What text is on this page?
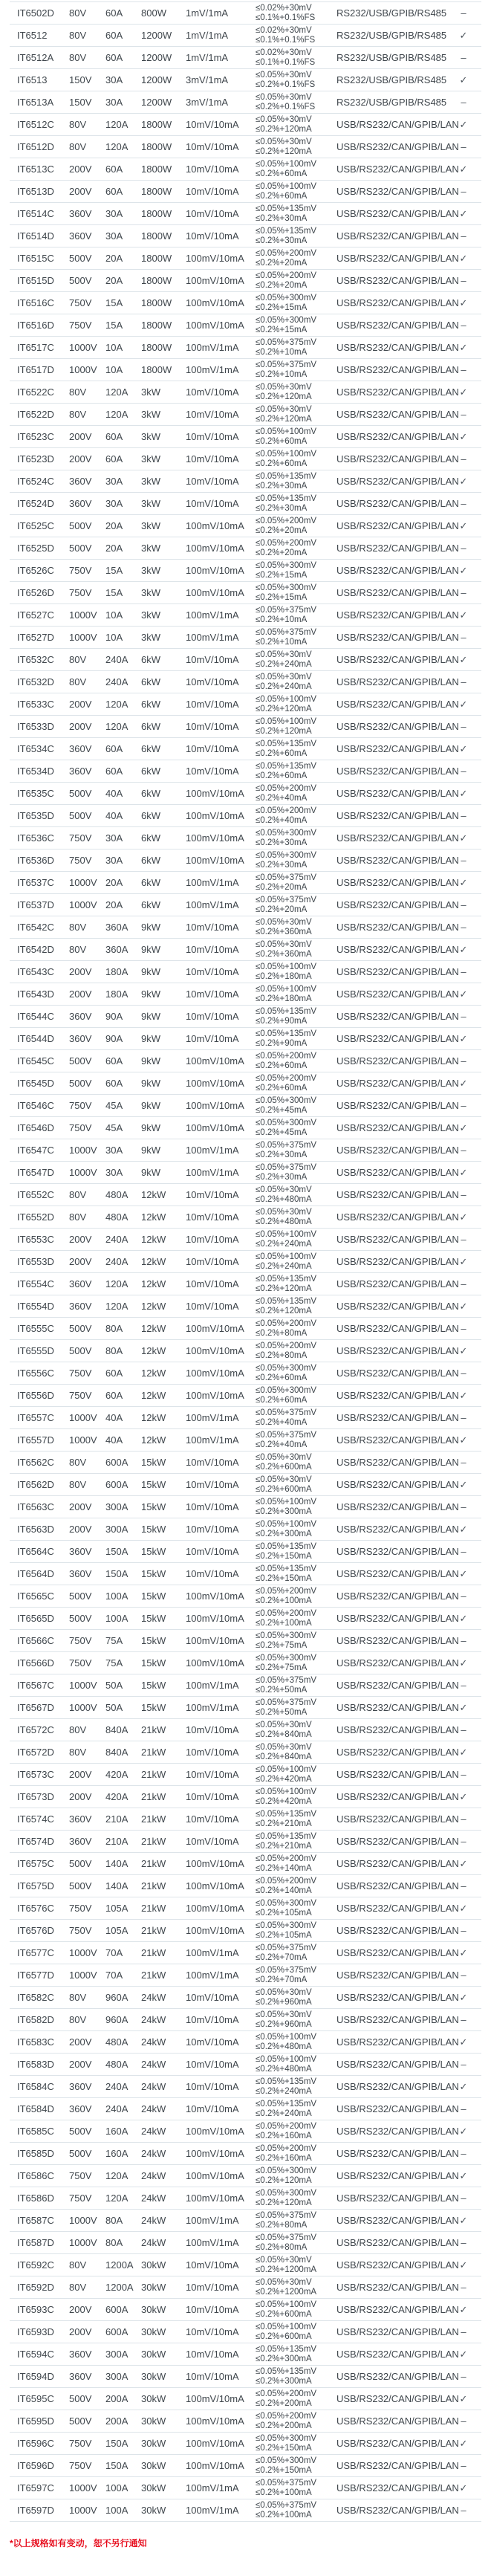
IT6502D	80V	60A	800W	1mV/1mA	≤0.02%+30mV
≤0.1%+0.1%FS	RS232/USB/GPIB/RS485	–
IT6512	80V	60A	1200W	1mV/1mA	≤0.02%+30mV
≤0.1%+0.1%FS	RS232/USB/GPIB/RS485	✓
IT6512A	80V	60A	1200W	1mV/1mA	≤0.02%+30mV
≤0.1%+0.1%FS	RS232/USB/GPIB/RS485	–
IT6513	150V	30A	1200W	3mV/1mA	≤0.05%+30mV
≤0.2%+0.1%FS	RS232/USB/GPIB/RS485	✓
IT6513A	150V	30A	1200W	3mV/1mA	≤0.05%+30mV
≤0.2%+0.1%FS	RS232/USB/GPIB/RS485	–
IT6512C	80V	120A	1800W	10mV/10mA	≤0.05%+30mV
≤0.2%+120mA	USB/RS232/CAN/GPIB/LAN ✓
IT6512D	80V	120A	1800W	10mV/10mA	≤0.05%+30mV
≤0.2%+120mA	USB/RS232/CAN/GPIB/LAN –
IT6513C	200V	60A	1800W	10mV/10mA	≤0.05%+100mV
≤0.2%+60mA	USB/RS232/CAN/GPIB/LAN ✓
IT6513D	200V	60A	1800W	10mV/10mA	≤0.05%+100mV
≤0.2%+60mA	USB/RS232/CAN/GPIB/LAN –
IT6514C	360V	30A	1800W	10mV/10mA	≤0.05%+135mV
≤0.2%+30mA	USB/RS232/CAN/GPIB/LAN ✓
IT6514D	360V	30A	1800W	10mV/10mA	≤0.05%+135mV
≤0.2%+30mA	USB/RS232/CAN/GPIB/LAN –
IT6515C	500V	20A	1800W	100mV/10mA	≤0.05%+200mV
≤0.2%+20mA	USB/RS232/CAN/GPIB/LAN ✓
IT6515D	500V	20A	1800W	100mV/10mA	≤0.05%+200mV
≤0.2%+20mA	USB/RS232/CAN/GPIB/LAN –
IT6516C	750V	15A	1800W	100mV/10mA	≤0.05%+300mV
≤0.2%+15mA	USB/RS232/CAN/GPIB/LAN ✓
IT6516D	750V	15A	1800W	100mV/10mA	≤0.05%+300mV
≤0.2%+15mA	USB/RS232/CAN/GPIB/LAN –
IT6517C	1000V 10A	1800W	100mV/1mA	≤0.05%+375mV
≤0.2%+10mA	USB/RS232/CAN/GPIB/LAN ✓
IT6517D	1000V 10A	1800W	100mV/1mA	≤0.05%+375mV
≤0.2%+10mA	USB/RS232/CAN/GPIB/LAN –
IT6522C	80V	120A	3kW	10mV/10mA	≤0.05%+30mV
≤0.2%+120mA	USB/RS232/CAN/GPIB/LAN ✓
IT6522D	80V	120A	3kW	10mV/10mA	≤0.05%+30mV
≤0.2%+120mA	USB/RS232/CAN/GPIB/LAN –
IT6523C	200V	60A	3kW	10mV/10mA	≤0.05%+100mV
≤0.2%+60mA	USB/RS232/CAN/GPIB/LAN ✓
IT6523D	200V	60A	3kW	10mV/10mA	≤0.05%+100mV
≤0.2%+60mA	USB/RS232/CAN/GPIB/LAN –
IT6524C	360V	30A	3kW	10mV/10mA	≤0.05%+135mV
≤0.2%+30mA	USB/RS232/CAN/GPIB/LAN ✓
IT6524D	360V	30A	3kW	10mV/10mA	≤0.05%+135mV
≤0.2%+30mA	USB/RS232/CAN/GPIB/LAN –
IT6525C	500V	20A	3kW	100mV/10mA	≤0.05%+200mV
≤0.2%+20mA	USB/RS232/CAN/GPIB/LAN ✓
IT6525D	500V	20A	3kW	100mV/10mA	≤0.05%+200mV
≤0.2%+20mA	USB/RS232/CAN/GPIB/LAN –
IT6526C	750V	15A	3kW	100mV/10mA	≤0.05%+300mV
≤0.2%+15mA	USB/RS232/CAN/GPIB/LAN ✓
IT6526D	750V	15A	3kW	100mV/10mA	≤0.05%+300mV
≤0.2%+15mA	USB/RS232/CAN/GPIB/LAN –
IT6527C	1000V 10A	3kW	100mV/1mA	≤0.05%+375mV
≤0.2%+10mA	USB/RS232/CAN/GPIB/LAN ✓
IT6527D	1000V 10A	3kW	100mV/1mA	≤0.05%+375mV
≤0.2%+10mA	USB/RS232/CAN/GPIB/LAN –
IT6532C	80V	240A	6kW	10mV/10mA	≤0.05%+30mV
≤0.2%+240mA	USB/RS232/CAN/GPIB/LAN ✓
IT6532D	80V	240A	6kW	10mV/10mA	≤0.05%+30mV
≤0.2%+240mA	USB/RS232/CAN/GPIB/LAN –
IT6533C	200V	120A	6kW	10mV/10mA	≤0.05%+100mV
≤0.2%+120mA	USB/RS232/CAN/GPIB/LAN ✓
IT6533D	200V	120A	6kW	10mV/10mA	≤0.05%+100mV
≤0.2%+120mA	USB/RS232/CAN/GPIB/LAN –
IT6534C	360V	60A	6kW	10mV/10mA	≤0.05%+135mV
≤0.2%+60mA	USB/RS232/CAN/GPIB/LAN ✓
IT6534D	360V	60A	6kW	10mV/10mA	≤0.05%+135mV
≤0.2%+60mA	USB/RS232/CAN/GPIB/LAN –
IT6535C	500V	40A	6kW	100mV/10mA	≤0.05%+200mV
≤0.2%+40mA	USB/RS232/CAN/GPIB/LAN ✓
IT6535D	500V	40A	6kW	100mV/10mA	≤0.05%+200mV
≤0.2%+40mA	USB/RS232/CAN/GPIB/LAN –
IT6536C	750V	30A	6kW	100mV/10mA	≤0.05%+300mV
≤0.2%+30mA	USB/RS232/CAN/GPIB/LAN ✓
IT6536D	750V	30A	6kW	100mV/10mA	≤0.05%+300mV
≤0.2%+30mA	USB/RS232/CAN/GPIB/LAN –
IT6537C	1000V 20A	6kW	100mV/1mA	≤0.05%+375mV
≤0.2%+20mA	USB/RS232/CAN/GPIB/LAN ✓
IT6537D	1000V 20A	6kW	100mV/1mA	≤0.05%+375mV
≤0.2%+20mA	USB/RS232/CAN/GPIB/LAN –
IT6542C	80V	360A	9kW	10mV/10mA	≤0.05%+30mV
≤0.2%+360mA	USB/RS232/CAN/GPIB/LAN –
IT6542D	80V	360A	9kW	10mV/10mA	≤0.05%+30mV
≤0.2%+360mA	USB/RS232/CAN/GPIB/LAN ✓
IT6543C	200V	180A	9kW	10mV/10mA	≤0.05%+100mV
≤0.2%+180mA	USB/RS232/CAN/GPIB/LAN –
IT6543D	200V	180A	9kW	10mV/10mA	≤0.05%+100mV
≤0.2%+180mA	USB/RS232/CAN/GPIB/LAN ✓
IT6544C	360V	90A	9kW	10mV/10mA	≤0.05%+135mV
≤0.2%+90mA	USB/RS232/CAN/GPIB/LAN –
IT6544D	360V	90A	9kW	10mV/10mA	≤0.05%+135mV
≤0.2%+90mA	USB/RS232/CAN/GPIB/LAN ✓
IT6545C	500V	60A	9kW	100mV/10mA	≤0.05%+200mV
≤0.2%+60mA	USB/RS232/CAN/GPIB/LAN –
IT6545D	500V	60A	9kW	100mV/10mA	≤0.05%+200mV
≤0.2%+60mA	USB/RS232/CAN/GPIB/LAN ✓
IT6546C	750V	45A	9kW	100mV/10mA	≤0.05%+300mV
≤0.2%+45mA	USB/RS232/CAN/GPIB/LAN –
IT6546D	750V	45A	9kW	100mV/10mA	≤0.05%+300mV
≤0.2%+45mA	USB/RS232/CAN/GPIB/LAN ✓
IT6547C	1000V 30A	9kW	100mV/1mA	≤0.05%+375mV
≤0.2%+30mA	USB/RS232/CAN/GPIB/LAN –
IT6547D	1000V 30A	9kW	100mV/1mA	≤0.05%+375mV
≤0.2%+30mA	USB/RS232/CAN/GPIB/LAN ✓
IT6552C	80V	480A	12kW	10mV/10mA	≤0.05%+30mV
≤0.2%+480mA	USB/RS232/CAN/GPIB/LAN –
IT6552D	80V	480A	12kW	10mV/10mA	≤0.05%+30mV
≤0.2%+480mA	USB/RS232/CAN/GPIB/LAN ✓
IT6553C	200V	240A	12kW	10mV/10mA	≤0.05%+100mV
≤0.2%+240mA	USB/RS232/CAN/GPIB/LAN –
IT6553D	200V	240A	12kW	10mV/10mA	≤0.05%+100mV
≤0.2%+240mA	USB/RS232/CAN/GPIB/LAN ✓
IT6554C	360V	120A	12kW	10mV/10mA	≤0.05%+135mV
≤0.2%+120mA	USB/RS232/CAN/GPIB/LAN –
IT6554D	360V	120A	12kW	10mV/10mA	≤0.05%+135mV
≤0.2%+120mA	USB/RS232/CAN/GPIB/LAN ✓
IT6555C	500V	80A	12kW	100mV/10mA	≤0.05%+200mV
≤0.2%+80mA	USB/RS232/CAN/GPIB/LAN –
IT6555D	500V	80A	12kW	100mV/10mA	≤0.05%+200mV
≤0.2%+80mA	USB/RS232/CAN/GPIB/LAN ✓
IT6556C	750V	60A	12kW	100mV/10mA	≤0.05%+300mV
≤0.2%+60mA	USB/RS232/CAN/GPIB/LAN –
IT6556D	750V	60A	12kW	100mV/10mA	≤0.05%+300mV
≤0.2%+60mA	USB/RS232/CAN/GPIB/LAN ✓
IT6557C	1000V 40A	12kW	100mV/1mA	≤0.05%+375mV
≤0.2%+40mA	USB/RS232/CAN/GPIB/LAN –
IT6557D	1000V 40A	12kW	100mV/1mA	≤0.05%+375mV
≤0.2%+40mA	USB/RS232/CAN/GPIB/LAN ✓
IT6562C	80V	600A	15kW	10mV/10mA	≤0.05%+30mV
≤0.2%+600mA	USB/RS232/CAN/GPIB/LAN –
IT6562D	80V	600A	15kW	10mV/10mA	≤0.05%+30mV
≤0.2%+600mA	USB/RS232/CAN/GPIB/LAN ✓
IT6563C	200V	300A	15kW	10mV/10mA	≤0.05%+100mV
≤0.2%+300mA	USB/RS232/CAN/GPIB/LAN –
IT6563D	200V	300A	15kW	10mV/10mA	≤0.05%+100mV
≤0.2%+300mA	USB/RS232/CAN/GPIB/LAN ✓
IT6564C	360V	150A	15kW	10mV/10mA	≤0.05%+135mV
≤0.2%+150mA	USB/RS232/CAN/GPIB/LAN –
IT6564D	360V	150A	15kW	10mV/10mA	≤0.05%+135mV
≤0.2%+150mA	USB/RS232/CAN/GPIB/LAN ✓
IT6565C	500V	100A	15kW	100mV/10mA	≤0.05%+200mV
≤0.2%+100mA	USB/RS232/CAN/GPIB/LAN –
IT6565D	500V	100A	15kW	100mV/10mA	≤0.05%+200mV
≤0.2%+100mA	USB/RS232/CAN/GPIB/LAN ✓
IT6566C	750V	75A	15kW	100mV/10mA	≤0.05%+300mV
≤0.2%+75mA	USB/RS232/CAN/GPIB/LAN –
IT6566D	750V	75A	15kW	100mV/10mA	≤0.05%+300mV
≤0.2%+75mA	USB/RS232/CAN/GPIB/LAN ✓
IT6567C	1000V 50A	15kW	100mV/1mA	≤0.05%+375mV
≤0.2%+50mA	USB/RS232/CAN/GPIB/LAN –
IT6567D	1000V 50A	15kW	100mV/1mA	≤0.05%+375mV
≤0.2%+50mA	USB/RS232/CAN/GPIB/LAN ✓
IT6572C	80V	840A	21kW	10mV/10mA	≤0.05%+30mV
≤0.2%+840mA	USB/RS232/CAN/GPIB/LAN –
IT6572D	80V	840A	21kW	10mV/10mA	≤0.05%+30mV
≤0.2%+840mA	USB/RS232/CAN/GPIB/LAN ✓
IT6573C	200V	420A	21kW	10mV/10mA	≤0.05%+100mV
≤0.2%+420mA	USB/RS232/CAN/GPIB/LAN –
IT6573D	200V	420A	21kW	10mV/10mA	≤0.05%+100mV
≤0.2%+420mA	USB/RS232/CAN/GPIB/LAN ✓
IT6574C	360V	210A	21kW	10mV/10mA	≤0.05%+135mV
≤0.2%+210mA	USB/RS232/CAN/GPIB/LAN –
IT6574D	360V	210A	21kW	10mV/10mA	≤0.05%+135mV
≤0.2%+210mA	USB/RS232/CAN/GPIB/LAN –
IT6575C	500V	140A	21kW	100mV/10mA	≤0.05%+200mV
≤0.2%+140mA	USB/RS232/CAN/GPIB/LAN ✓
IT6575D	500V	140A	21kW	100mV/10mA	≤0.05%+200mV
≤0.2%+140mA	USB/RS232/CAN/GPIB/LAN –
IT6576C	750V	105A	21kW	100mV/10mA	≤0.05%+300mV
≤0.2%+105mA	USB/RS232/CAN/GPIB/LAN ✓
IT6576D	750V	105A	21kW	100mV/10mA	≤0.05%+300mV
≤0.2%+105mA	USB/RS232/CAN/GPIB/LAN –
IT6577C	1000V 70A	21kW	100mV/1mA	≤0.05%+375mV
≤0.2%+70mA	USB/RS232/CAN/GPIB/LAN ✓
IT6577D	1000V 70A	21kW	100mV/1mA	≤0.05%+375mV
≤0.2%+70mA	USB/RS232/CAN/GPIB/LAN –
IT6582C	80V	960A	24kW	10mV/10mA	≤0.05%+30mV
≤0.2%+960mA	USB/RS232/CAN/GPIB/LAN ✓
IT6582D	80V	960A	24kW	10mV/10mA	≤0.05%+30mV
≤0.2%+960mA	USB/RS232/CAN/GPIB/LAN –
IT6583C	200V	480A	24kW	10mV/10mA	≤0.05%+100mV
≤0.2%+480mA	USB/RS232/CAN/GPIB/LAN ✓
IT6583D	200V	480A	24kW	10mV/10mA	≤0.05%+100mV
≤0.2%+480mA	USB/RS232/CAN/GPIB/LAN –
IT6584C	360V	240A	24kW	10mV/10mA	≤0.05%+135mV
≤0.2%+240mA	USB/RS232/CAN/GPIB/LAN ✓
IT6584D	360V	240A	24kW	10mV/10mA	≤0.05%+135mV
≤0.2%+240mA	USB/RS232/CAN/GPIB/LAN –
IT6585C	500V	160A	24kW	100mV/10mA	≤0.05%+200mV
≤0.2%+160mA	USB/RS232/CAN/GPIB/LAN ✓
IT6585D	500V	160A	24kW	100mV/10mA	≤0.05%+200mV
≤0.2%+160mA	USB/RS232/CAN/GPIB/LAN –
IT6586C	750V	120A	24kW	100mV/10mA	≤0.05%+300mV
≤0.2%+120mA	USB/RS232/CAN/GPIB/LAN ✓
IT6586D	750V	120A	24kW	100mV/10mA	≤0.05%+300mV
≤0.2%+120mA	USB/RS232/CAN/GPIB/LAN –
IT6587C	1000V 80A	24kW	100mV/1mA	≤0.05%+375mV
≤0.2%+80mA	USB/RS232/CAN/GPIB/LAN ✓
IT6587D	1000V 80A	24kW	100mV/1mA	≤0.05%+375mV
≤0.2%+80mA	USB/RS232/CAN/GPIB/LAN –
IT6592C	80V	1200A 30kW	10mV/10mA	≤0.05%+30mV
≤0.2%+1200mA	USB/RS232/CAN/GPIB/LAN ✓
IT6592D	80V	1200A 30kW	10mV/10mA	≤0.05%+30mV
≤0.2%+1200mA	USB/RS232/CAN/GPIB/LAN –
IT6593C	200V	600A	30kW	10mV/10mA	≤0.05%+100mV
≤0.2%+600mA	USB/RS232/CAN/GPIB/LAN ✓
IT6593D	200V	600A	30kW	10mV/10mA	≤0.05%+100mV
≤0.2%+600mA	USB/RS232/CAN/GPIB/LAN –
IT6594C	360V	300A	30kW	10mV/10mA	≤0.05%+135mV
≤0.2%+300mA	USB/RS232/CAN/GPIB/LAN ✓
IT6594D	360V	300A	30kW	10mV/10mA	≤0.05%+135mV
≤0.2%+300mA	USB/RS232/CAN/GPIB/LAN –
IT6595C	500V	200A	30kW	100mV/10mA	≤0.05%+200mV
≤0.2%+200mA	USB/RS232/CAN/GPIB/LAN ✓
IT6595D	500V	200A	30kW	100mV/10mA	≤0.05%+200mV
≤0.2%+200mA	USB/RS232/CAN/GPIB/LAN –
IT6596C	750V	150A	30kW	100mV/10mA	≤0.05%+300mV
≤0.2%+150mA	USB/RS232/CAN/GPIB/LAN ✓
IT6596D	750V	150A	30kW	100mV/10mA	≤0.05%+300mV
≤0.2%+150mA	USB/RS232/CAN/GPIB/LAN –
IT6597C	1000V 100A	30kW	100mV/1mA	≤0.05%+375mV
≤0.2%+100mA	USB/RS232/CAN/GPIB/LAN ✓
IT6597D	1000V 100A	30kW	100mV/1mA	≤0.05%+375mV
≤0.2%+100mA	USB/RS232/CAN/GPIB/LAN –
*以上规格如有变动，恕不另行通知
